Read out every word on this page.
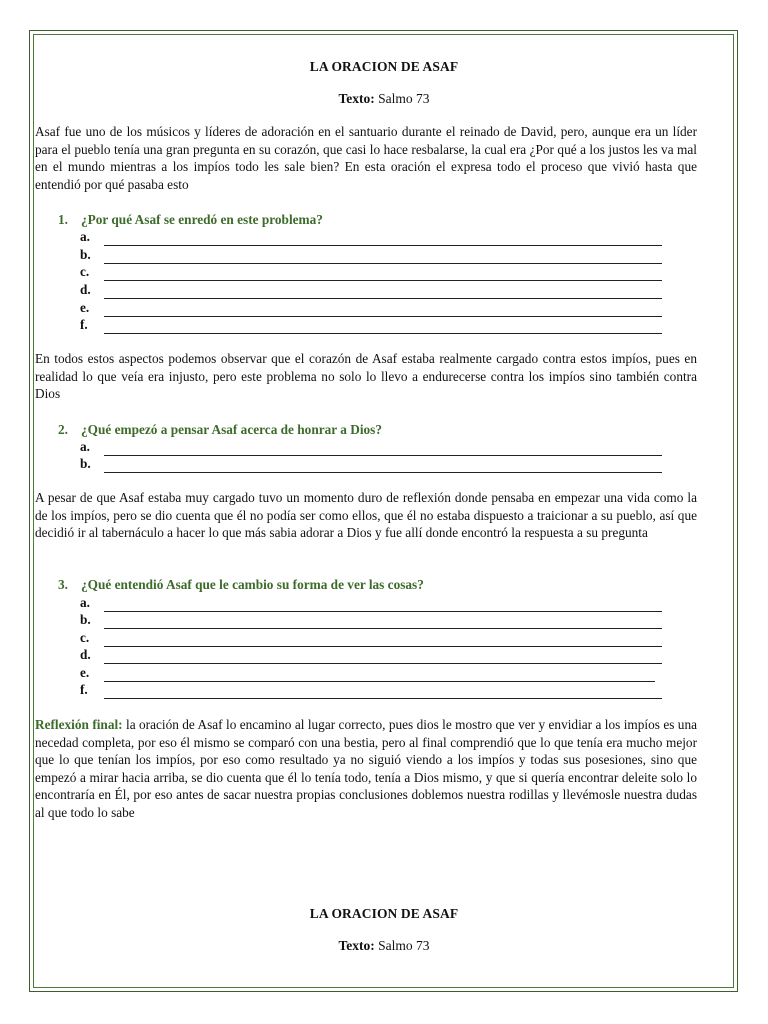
LA ORACION DE ASAF
Texto: Salmo 73
Asaf fue uno de los músicos y líderes de adoración en el santuario durante el reinado de David, pero, aunque era un líder para el pueblo tenía una gran pregunta en su corazón, que casi lo hace resbalarse, la cual era ¿Por qué a los justos les va mal en el mundo mientras a los impíos todo les sale bien? En esta oración el expresa todo el proceso que vivió hasta que entendió por qué pasaba esto
1. ¿Por qué Asaf se enredó en este problema?
a.
b.
c.
d.
e.
f.
En todos estos aspectos podemos observar que el corazón de Asaf estaba realmente cargado contra estos impíos, pues en realidad lo que veía era injusto, pero este problema no solo lo llevo a endurecerse contra los impíos sino también contra Dios
2. ¿Qué empezó a pensar Asaf acerca de honrar a Dios?
a.
b.
A pesar de que Asaf estaba muy cargado tuvo un momento duro de reflexión donde pensaba en empezar una vida como la de los impíos, pero se dio cuenta que él no podía ser como ellos, que él no estaba dispuesto a traicionar a su pueblo, así que decidió ir al tabernáculo a hacer lo que más sabia adorar a Dios y fue allí donde encontró la respuesta a su pregunta
3. ¿Qué entendió Asaf que le cambio su forma de ver las cosas?
a.
b.
c.
d.
e.
f.
Reflexión final: la oración de Asaf lo encamino al lugar correcto, pues dios le mostro que ver y envidiar a los impíos es una necedad completa, por eso él mismo se comparó con una bestia, pero al final comprendió que lo que tenía era mucho mejor que lo que tenían los impíos, por eso como resultado ya no siguió viendo a los impíos y todas sus posesiones, sino que empezó a mirar hacia arriba, se dio cuenta que él lo tenía todo, tenía a Dios mismo, y que si quería encontrar deleite solo lo encontraría en Él, por eso antes de sacar nuestra propias conclusiones doblemos nuestra rodillas y llevémosle nuestra dudas al que todo lo sabe
LA ORACION DE ASAF
Texto: Salmo 73
